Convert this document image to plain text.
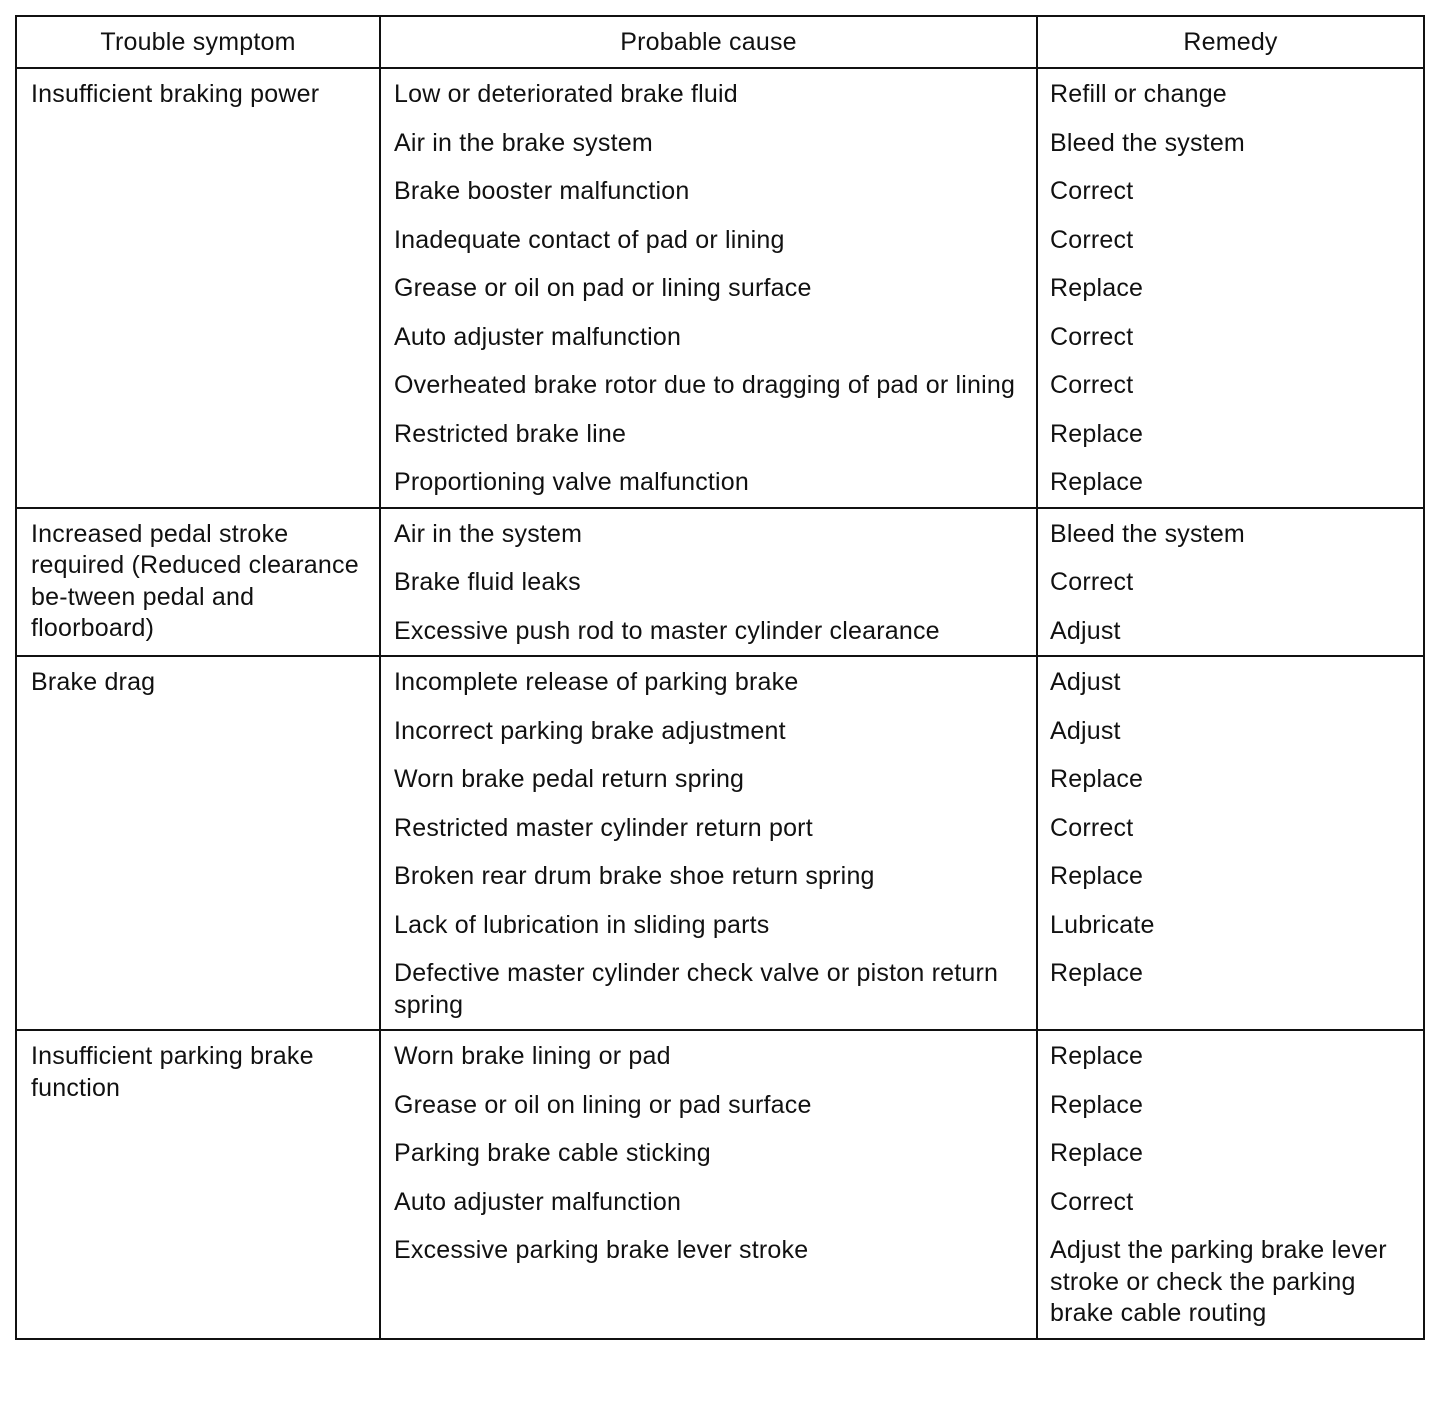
Trouble symptom	Probable cause	Remedy
Insufficient braking power	Low or deteriorated brake fluid	Refill or change

	Air in the brake system	Bleed the system

	Brake booster malfunction	Correct

	Inadequate contact of pad or lining	Correct

	Grease or oil on pad or lining surface	Replace

	Auto adjuster malfunction	Correct

	Overheated brake rotor due to dragging of pad or lining	Correct

	Restricted brake line	Replace

	Proportioning valve malfunction	Replace

Increased pedal stroke required (Reduced clearance be-tween pedal and floorboard)	Air in the system	Bleed the system

	Brake fluid leaks	Correct

	Excessive push rod to master cylinder clearance	Adjust

Brake drag	Incomplete release of parking brake	Adjust

	Incorrect parking brake adjustment	Adjust

	Worn brake pedal return spring	Replace

	Restricted master cylinder return port	Correct

	Broken rear drum brake shoe return spring	Replace

	Lack of lubrication in sliding parts	Lubricate

	Defective master cylinder check valve or piston return spring	Replace

Insufficient parking brake function	Worn brake lining or pad	Replace

	Grease or oil on lining or pad surface	Replace

	Parking brake cable sticking	Replace

	Auto adjuster malfunction	Correct

	Excessive parking brake lever stroke	Adjust the parking brake lever stroke or check the parking brake cable routing
